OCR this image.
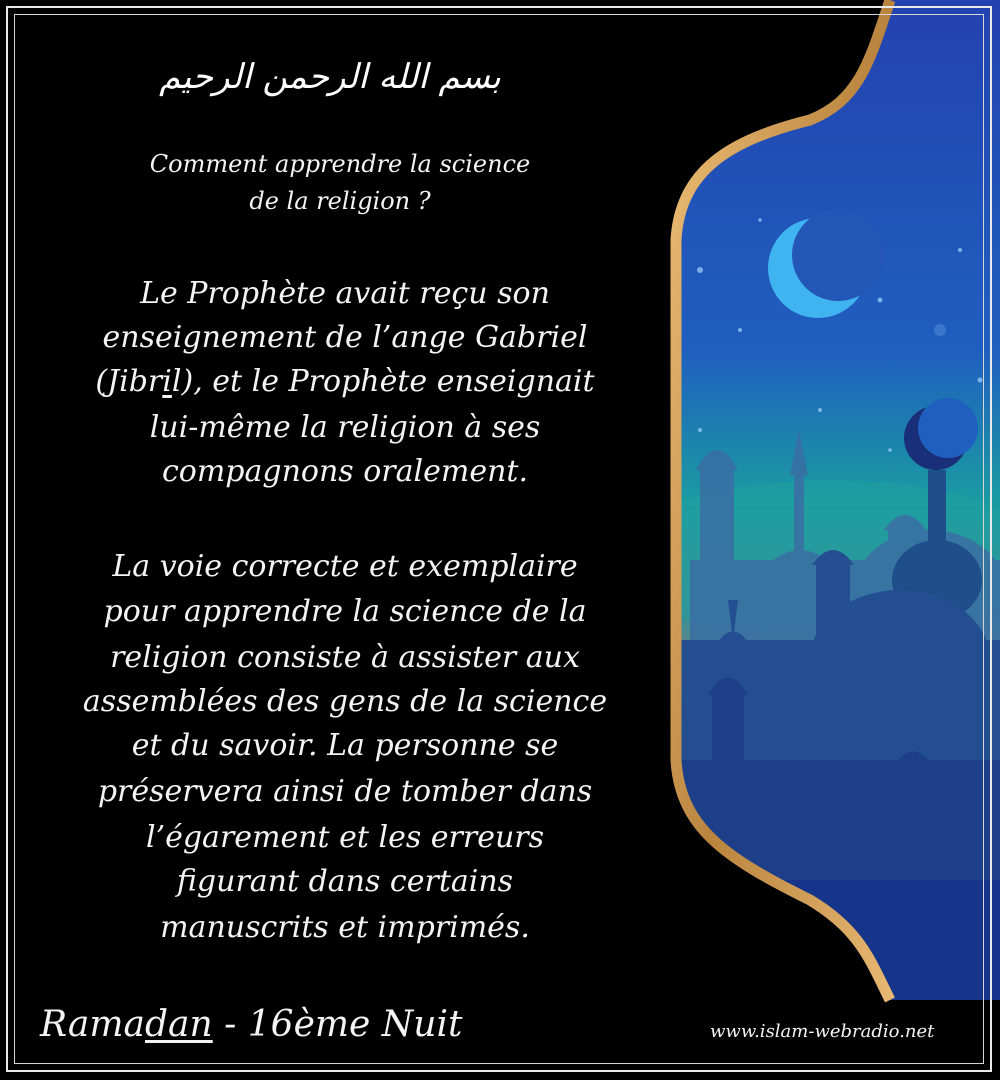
بسم الله الرحمن الرحيم
Comment apprendre la science
de la religion ?
Le Prophète avait reçu son
enseignement de l’ange Gabriel
(Jibril), et le Prophète enseignait
lui-même la religion à ses
compagnons oralement.
La voie correcte et exemplaire
pour apprendre la science de la
religion consiste à assister aux
assemblées des gens de la science
et du savoir. La personne se
préservera ainsi de tomber dans
l’égarement et les erreurs
figurant dans certains
manuscrits et imprimés.
Ramadan - 16ème Nuit	www.islam-webradio.net
